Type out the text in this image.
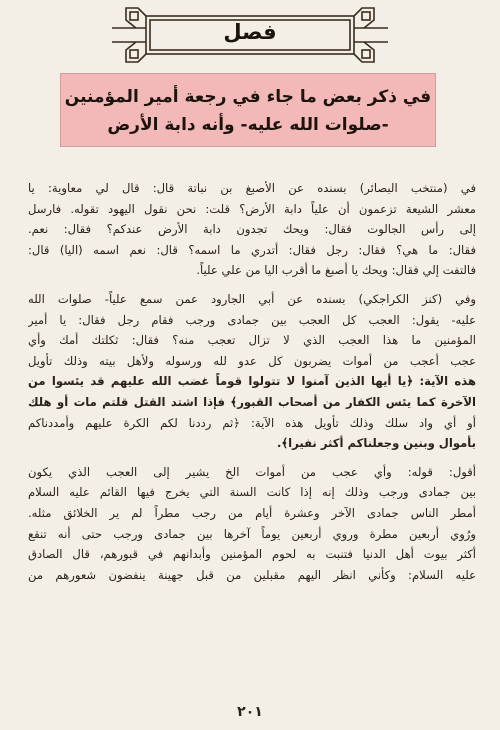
فصل
في ذكر بعض ما جاء في رجعة أمير المؤمنين
-صلوات الله عليه- وأنه دابة الأرض
في (منتخب البصائر) بسنده عن الأصبغ بن نباتة قال: قال لي معاوية: يا
معشر الشيعة تزعمون أن علياً دابة الأرض؟ قلت: نحن نقول اليهود تقوله. فارسل
إلى رأس الجالوت فقال: ويحك تجدون دابة الأرض عندكم؟ فقال: نعم.
فقال: ما هي؟ فقال: رجل فقال: أتدري ما اسمه؟ قال: نعم اسمه (اليا) قال:
فالتفت إلي فقال: ويحك يا أصبغ ما أقرب اليا من علي علياً.
وفي (كنز الكراجكي) بسنده عن أبي الجارود عمن سمع علياً- صلوات الله
عليه- يقول: العجب كل العجب بين جمادى ورجب فقام رجل فقال: يا أمير
المؤمنين ما هذا العجب الذي لا تزال تعجب منه؟ فقال: ثكلتك أمك وأي
عجب أعجب من أموات يضربون كل عدو لله ورسوله ولأهل بيته وذلك تأويل
هذه الآية: ﴿يا أيها الذين آمنوا لا تتولوا قوماً غضب الله عليهم قد يئسوا من
الآخرة كما يئس الكفار من أصحاب القبور﴾ فإذا اشتد القتل قلتم مات أو هلك
أو أي واد سلك وذلك تأويل هذه الآية: ﴿ثم رددنا لكم الكرة عليهم وأمددناكم
بأموال وبنين وجعلناكم أكثر نفيرا﴾.
أقول: قوله: وأي عجب من أموات الخ يشير إلى العجب الذي يكون
بين جمادى ورجب وذلك إنه إذا كانت السنة التي يخرج فيها القائم عليه السلام
أمطر الناس جمادى الآخر وعشرة أيام من رجب مطراً لم ير الخلائق مثله.
ورُوي أربعين مطرة وروي أربعين يوماً آخرها بين جمادى ورجب حتى أنه تنقع
أكثر بيوت أهل الدنيا فتنبت به لحوم المؤمنين وأبدانهم في قبورهم، قال الصادق
عليه السلام: وكأني انظر اليهم مقبلين من قبل جهينة ينفضون شعورهم من
٢٠١
